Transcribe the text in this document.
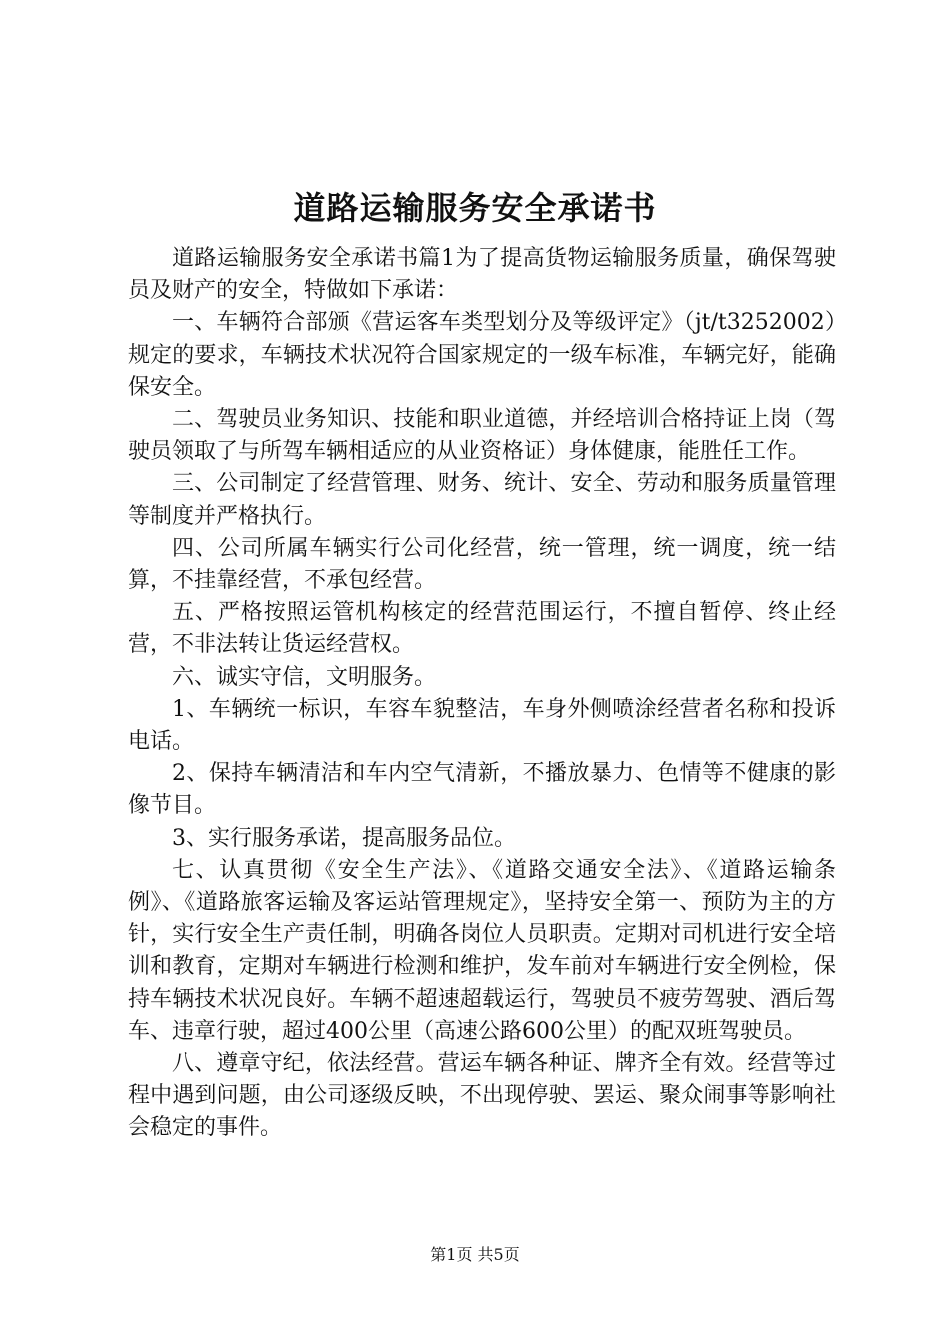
道路运输服务安全承诺书

道路运输服务安全承诺书篇1为了提高货物运输服务质量，确保驾驶员及财产的安全，特做如下承诺：

一、车辆符合部颁《营运客车类型划分及等级评定》（jt/t3252002）规定的要求，车辆技术状况符合国家规定的一级车标准，车辆完好，能确保安全。

二、驾驶员业务知识、技能和职业道德，并经培训合格持证上岗（驾驶员领取了与所驾车辆相适应的从业资格证）身体健康，能胜任工作。

三、公司制定了经营管理、财务、统计、安全、劳动和服务质量管理等制度并严格执行。

四、公司所属车辆实行公司化经营，统一管理，统一调度，统一结算，不挂靠经营，不承包经营。

五、严格按照运管机构核定的经营范围运行，不擅自暂停、终止经营，不非法转让货运经营权。

六、诚实守信，文明服务。

1、车辆统一标识，车容车貌整洁，车身外侧喷涂经营者名称和投诉电话。

2、保持车辆清洁和车内空气清新，不播放暴力、色情等不健康的影像节目。

3、实行服务承诺，提高服务品位。

七、认真贯彻《安全生产法》、《道路交通安全法》、《道路运输条例》、《道路旅客运输及客运站管理规定》，坚持安全第一、预防为主的方针，实行安全生产责任制，明确各岗位人员职责。定期对司机进行安全培训和教育，定期对车辆进行检测和维护，发车前对车辆进行安全例检，保持车辆技术状况良好。车辆不超速超载运行，驾驶员不疲劳驾驶、酒后驾车、违章行驶，超过400公里（高速公路600公里）的配双班驾驶员。

八、遵章守纪，依法经营。营运车辆各种证、牌齐全有效。经营等过程中遇到问题，由公司逐级反映，不出现停驶、罢运、聚众闹事等影响社会稳定的事件。

第1页 共5页
